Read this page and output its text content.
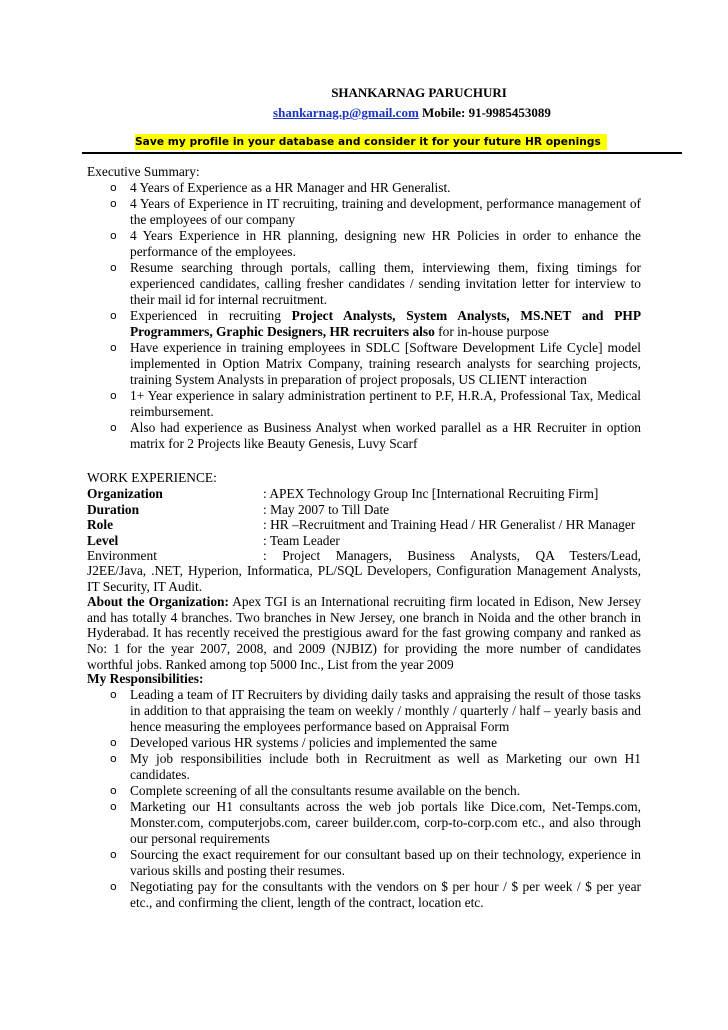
SHANKARNAG PARUCHURI
shankarnag.p@gmail.com Mobile: 91-9985453089
Save my profile in your database and consider it for your future HR openings
Executive Summary:
o 4 Years of Experience as a HR Manager and HR Generalist.
o 4 Years of Experience in IT recruiting, training and development, performance management of the employees of our company
o 4 Years Experience in HR planning, designing new HR Policies in order to enhance the performance of the employees.
o Resume searching through portals, calling them, interviewing them, fixing timings for experienced candidates, calling fresher candidates / sending invitation letter for interview to their mail id for internal recruitment.
o Experienced in recruiting Project Analysts, System Analysts, MS.NET and PHP Programmers, Graphic Designers, HR recruiters also for in-house purpose
o Have experience in training employees in SDLC [Software Development Life Cycle] model implemented in Option Matrix Company, training research analysts for searching projects, training System Analysts in preparation of project proposals, US CLIENT interaction
o 1+ Year experience in salary administration pertinent to P.F, H.R.A, Professional Tax, Medical reimbursement.
o Also had experience as Business Analyst when worked parallel as a HR Recruiter in option matrix for 2 Projects like Beauty Genesis, Luvy Scarf
WORK EXPERIENCE:
Organization	: APEX Technology Group Inc [International Recruiting Firm]
Duration	: May 2007 to Till Date
Role	: HR –Recruitment and Training Head / HR Generalist / HR Manager
Level	: Team Leader
Environment	: Project Managers, Business Analysts, QA Testers/Lead,
J2EE/Java, .NET, Hyperion, Informatica, PL/SQL Developers, Configuration Management Analysts, IT Security, IT Audit.
About the Organization: Apex TGI is an International recruiting firm located in Edison, New Jersey and has totally 4 branches. Two branches in New Jersey, one branch in Noida and the other branch in Hyderabad. It has recently received the prestigious award for the fast growing company and ranked as No: 1 for the year 2007, 2008, and 2009 (NJBIZ) for providing the more number of candidates worthful jobs. Ranked among top 5000 Inc., List from the year 2009
My Responsibilities:
o Leading a team of IT Recruiters by dividing daily tasks and appraising the result of those tasks in addition to that appraising the team on weekly / monthly / quarterly / half – yearly basis and hence measuring the employees performance based on Appraisal Form
o Developed various HR systems / policies and implemented the same
o My job responsibilities include both in Recruitment as well as Marketing our own H1 candidates.
o Complete screening of all the consultants resume available on the bench.
o Marketing our H1 consultants across the web job portals like Dice.com, Net-Temps.com, Monster.com, computerjobs.com, career builder.com, corp-to-corp.com etc., and also through our personal requirements
o Sourcing the exact requirement for our consultant based up on their technology, experience in various skills and posting their resumes.
o Negotiating pay for the consultants with the vendors on $ per hour / $ per week / $ per year etc., and confirming the client, length of the contract, location etc.
